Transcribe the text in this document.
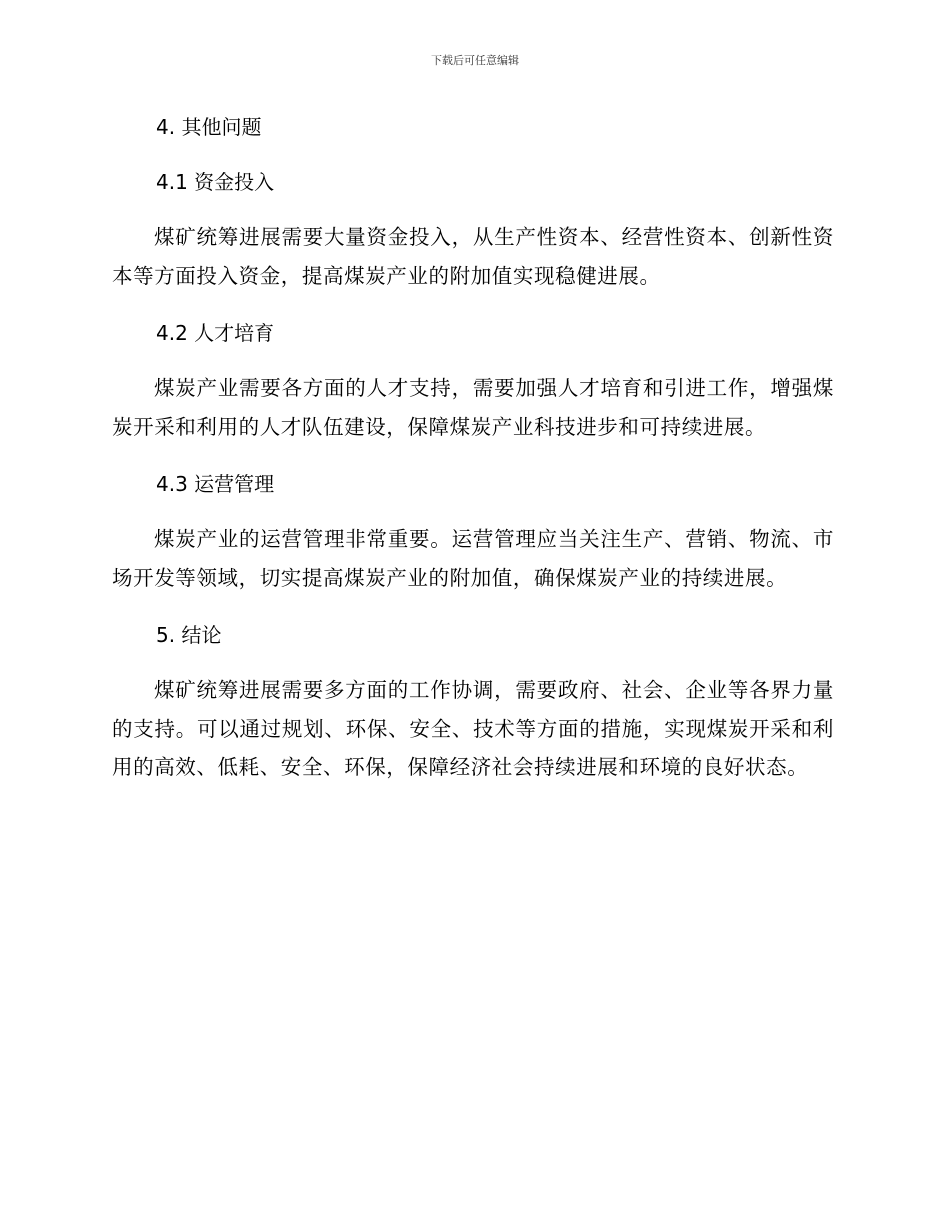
下载后可任意编辑
4. 其他问题
4.1 资金投入

煤矿统筹进展需要大量资金投入，从生产性资本、经营性资本、创新性资本等方面投入资金，提高煤炭产业的附加值实现稳健进展。

4.2 人才培育

煤炭产业需要各方面的人才支持，需要加强人才培育和引进工作，增强煤炭开采和利用的人才队伍建设，保障煤炭产业科技进步和可持续进展。

4.3 运营管理

煤炭产业的运营管理非常重要。运营管理应当关注生产、营销、物流、市场开发等领域，切实提高煤炭产业的附加值，确保煤炭产业的持续进展。

5. 结论

煤矿统筹进展需要多方面的工作协调，需要政府、社会、企业等各界力量的支持。可以通过规划、环保、安全、技术等方面的措施，实现煤炭开采和利用的高效、低耗、安全、环保，保障经济社会持续进展和环境的良好状态。
